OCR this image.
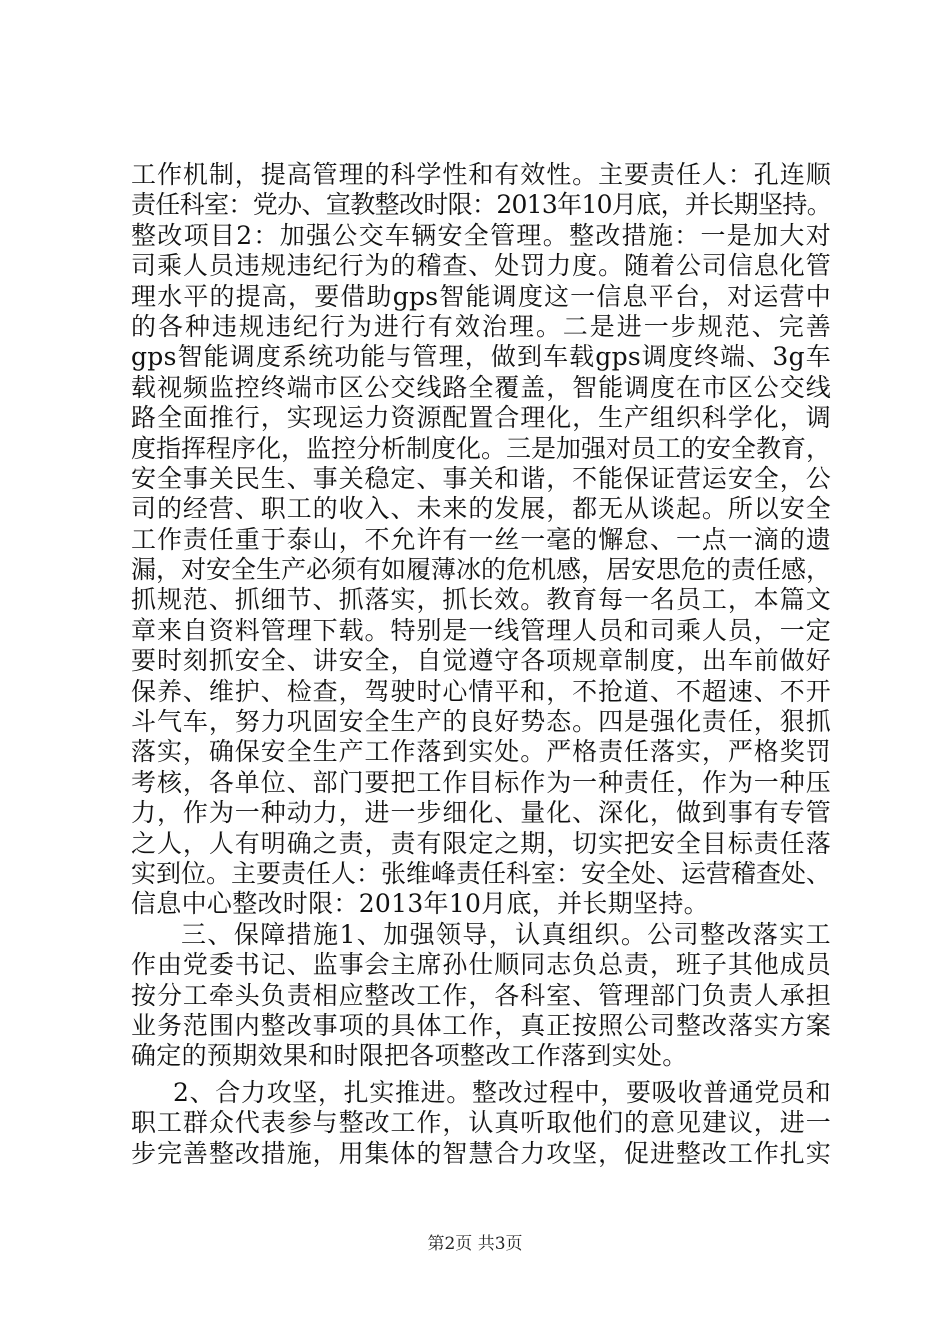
工作机制，提高管理的科学性和有效性。主要责任人：孔连顺
责任科室：党办、宣教整改时限：2013年10月底，并长期坚持。
整改项目2：加强公交车辆安全管理。整改措施：一是加大对
司乘人员违规违纪行为的稽查、处罚力度。随着公司信息化管
理水平的提高，要借助gps智能调度这一信息平台，对运营中
的各种违规违纪行为进行有效治理。二是进一步规范、完善
gps智能调度系统功能与管理，做到车载gps调度终端、3g车
载视频监控终端市区公交线路全覆盖，智能调度在市区公交线
路全面推行，实现运力资源配置合理化，生产组织科学化，调
度指挥程序化，监控分析制度化。三是加强对员工的安全教育，
安全事关民生、事关稳定、事关和谐，不能保证营运安全，公
司的经营、职工的收入、未来的发展，都无从谈起。所以安全
工作责任重于泰山，不允许有一丝一毫的懈怠、一点一滴的遗
漏，对安全生产必须有如履薄冰的危机感，居安思危的责任感，
抓规范、抓细节、抓落实，抓长效。教育每一名员工，本篇文
章来自资料管理下载。特别是一线管理人员和司乘人员，一定
要时刻抓安全、讲安全，自觉遵守各项规章制度，出车前做好
保养、维护、检查，驾驶时心情平和，不抢道、不超速、不开
斗气车，努力巩固安全生产的良好势态。四是强化责任，狠抓
落实，确保安全生产工作落到实处。严格责任落实，严格奖罚
考核，各单位、部门要把工作目标作为一种责任，作为一种压
力，作为一种动力，进一步细化、量化、深化，做到事有专管
之人，人有明确之责，责有限定之期，切实把安全目标责任落
实到位。主要责任人：张维峰责任科室：安全处、运营稽查处、
信息中心整改时限：2013年10月底，并长期坚持。
三、保障措施1、加强领导，认真组织。公司整改落实工
作由党委书记、监事会主席孙仕顺同志负总责，班子其他成员
按分工牵头负责相应整改工作，各科室、管理部门负责人承担
业务范围内整改事项的具体工作，真正按照公司整改落实方案
确定的预期效果和时限把各项整改工作落到实处。
2、合力攻坚，扎实推进。整改过程中，要吸收普通党员和
职工群众代表参与整改工作，认真听取他们的意见建议，进一
步完善整改措施，用集体的智慧合力攻坚，促进整改工作扎实
第2页 共3页
